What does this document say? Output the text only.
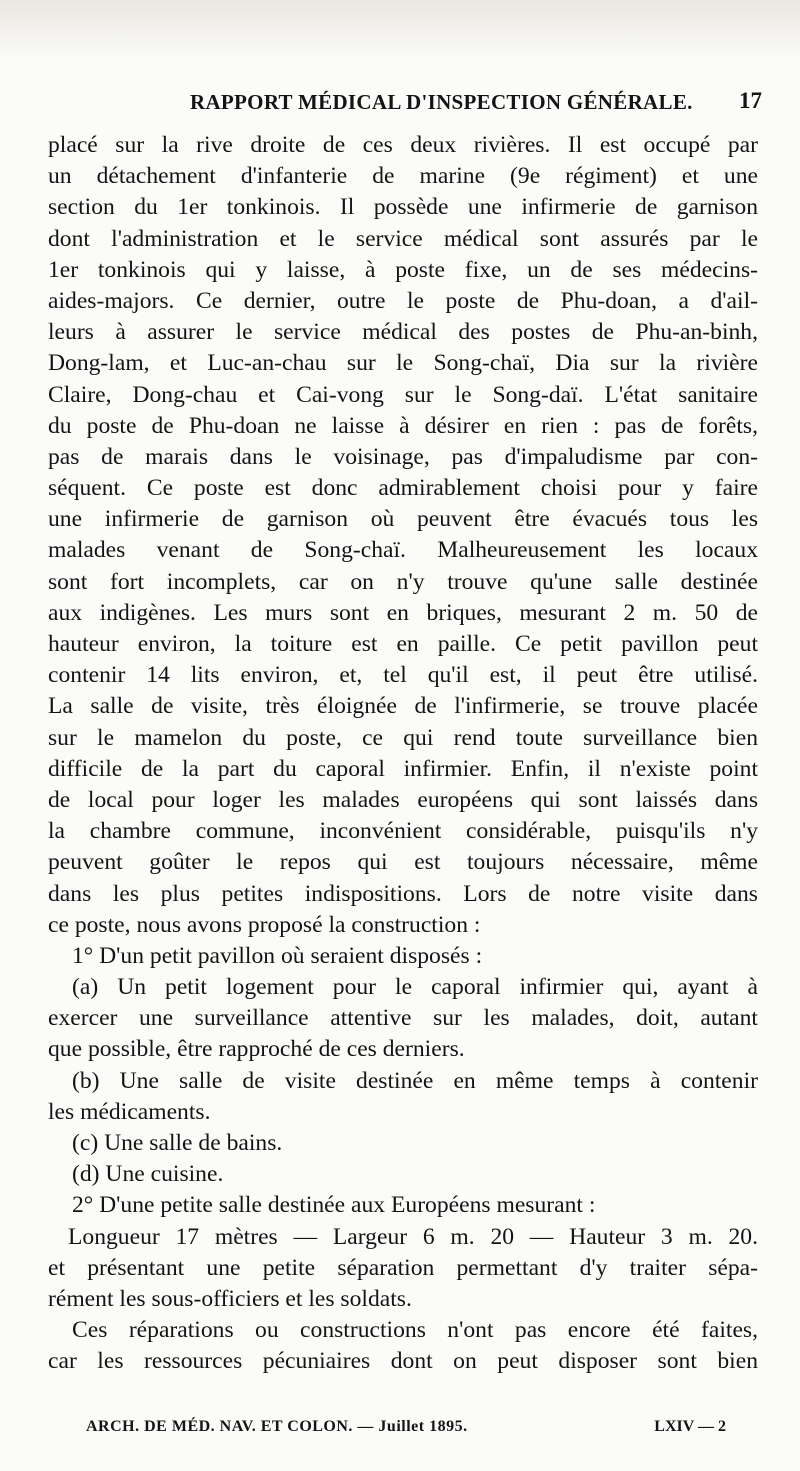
RAPPORT MÉDICAL D'INSPECTION GÉNÉRALE. 17
placé sur la rive droite de ces deux rivières. Il est occupé par
un détachement d'infanterie de marine (9e régiment) et une
section du 1er tonkinois. Il possède une infirmerie de garnison
dont l'administration et le service médical sont assurés par le
1er tonkinois qui y laisse, à poste fixe, un de ses médecins-
aides-majors. Ce dernier, outre le poste de Phu-doan, a d'ail-
leurs à assurer le service médical des postes de Phu-an-binh,
Dong-lam, et Luc-an-chau sur le Song-chaï, Dia sur la rivière
Claire, Dong-chau et Cai-vong sur le Song-daï. L'état sanitaire
du poste de Phu-doan ne laisse à désirer en rien : pas de forêts,
pas de marais dans le voisinage, pas d'impaludisme par con-
séquent. Ce poste est donc admirablement choisi pour y faire
une infirmerie de garnison où peuvent être évacués tous les
malades venant de Song-chaï. Malheureusement les locaux
sont fort incomplets, car on n'y trouve qu'une salle destinée
aux indigènes. Les murs sont en briques, mesurant 2 m. 50 de
hauteur environ, la toiture est en paille. Ce petit pavillon peut
contenir 14 lits environ, et, tel qu'il est, il peut être utilisé.
La salle de visite, très éloignée de l'infirmerie, se trouve placée
sur le mamelon du poste, ce qui rend toute surveillance bien
difficile de la part du caporal infirmier. Enfin, il n'existe point
de local pour loger les malades européens qui sont laissés dans
la chambre commune, inconvénient considérable, puisqu'ils n'y
peuvent goûter le repos qui est toujours nécessaire, même
dans les plus petites indispositions. Lors de notre visite dans
ce poste, nous avons proposé la construction :
1° D'un petit pavillon où seraient disposés :
(a) Un petit logement pour le caporal infirmier qui, ayant à
exercer une surveillance attentive sur les malades, doit, autant
que possible, être rapproché de ces derniers.
(b) Une salle de visite destinée en même temps à contenir
les médicaments.
(c) Une salle de bains.
(d) Une cuisine.
2° D'une petite salle destinée aux Européens mesurant :
Longueur 17 mètres — Largeur 6 m. 20 — Hauteur 3 m. 20.
et présentant une petite séparation permettant d'y traiter sépa-
rément les sous-officiers et les soldats.
Ces réparations ou constructions n'ont pas encore été faites,
car les ressources pécuniaires dont on peut disposer sont bien
ARCH. DE MÉD. NAV. ET COLON. — Juillet 1895.	LXIV — 2
